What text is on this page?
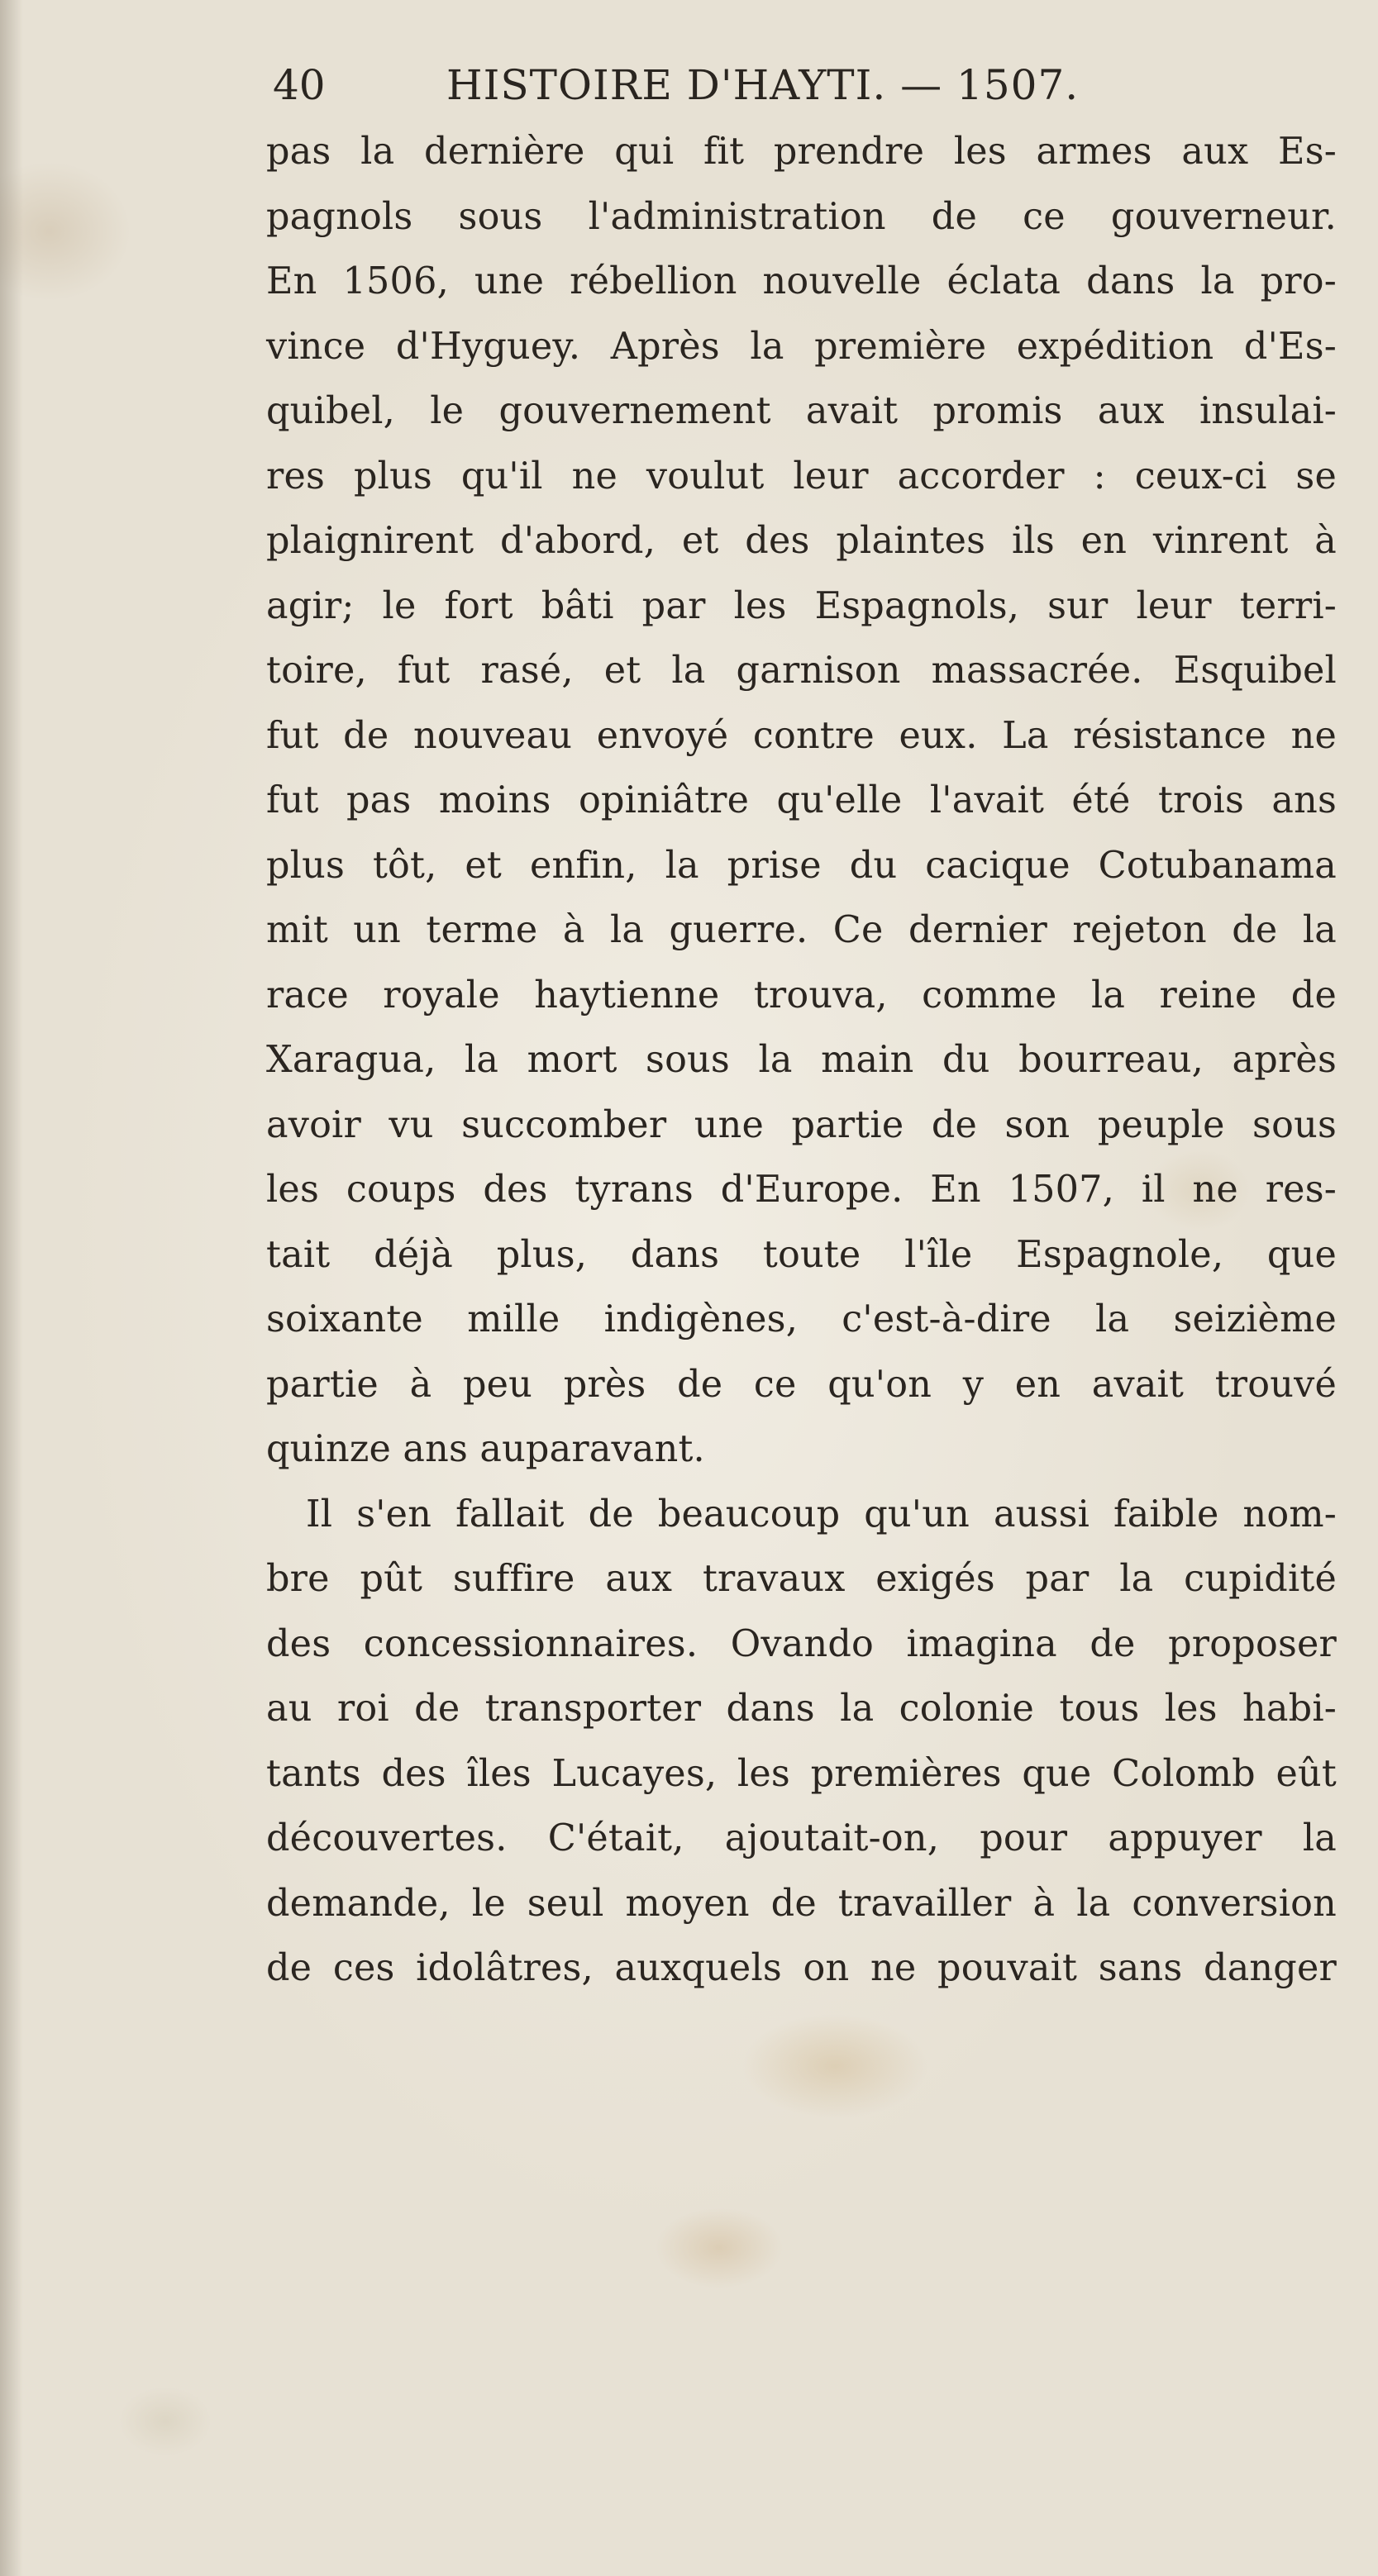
40	HISTOIRE D'HAYTI. — 1507.
pas la dernière qui fit prendre les armes aux Es-
pagnols sous l'administration de ce gouverneur.
En 1506, une rébellion nouvelle éclata dans la pro-
vince d'Hyguey. Après la première expédition d'Es-
quibel, le gouvernement avait promis aux insulai-
res plus qu'il ne voulut leur accorder : ceux-ci se
plaignirent d'abord, et des plaintes ils en vinrent à
agir; le fort bâti par les Espagnols, sur leur terri-
toire, fut rasé, et la garnison massacrée. Esquibel
fut de nouveau envoyé contre eux. La résistance ne
fut pas moins opiniâtre qu'elle l'avait été trois ans
plus tôt, et enfin, la prise du cacique Cotubanama
mit un terme à la guerre. Ce dernier rejeton de la
race royale haytienne trouva, comme la reine de
Xaragua, la mort sous la main du bourreau, après
avoir vu succomber une partie de son peuple sous
les coups des tyrans d'Europe. En 1507, il ne res-
tait déjà plus, dans toute l'île Espagnole, que
soixante mille indigènes, c'est-à-dire la seizième
partie à peu près de ce qu'on y en avait trouvé
quinze ans auparavant.
Il s'en fallait de beaucoup qu'un aussi faible nom-
bre pût suffire aux travaux exigés par la cupidité
des concessionnaires. Ovando imagina de proposer
au roi de transporter dans la colonie tous les habi-
tants des îles Lucayes, les premières que Colomb eût
découvertes. C'était, ajoutait-on, pour appuyer la
demande, le seul moyen de travailler à la conversion
de ces idolâtres, auxquels on ne pouvait sans danger
